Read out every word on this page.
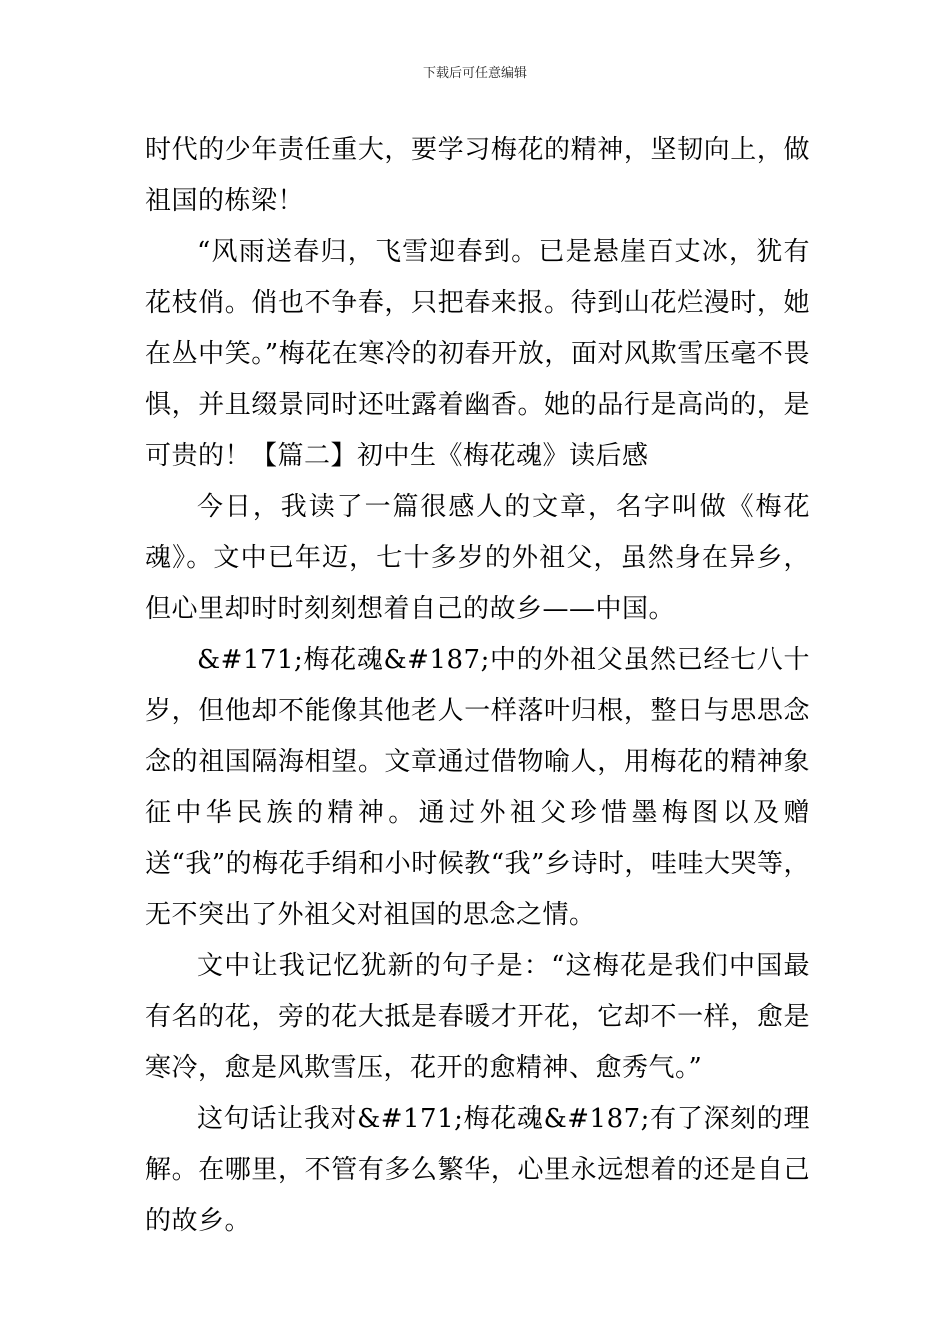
下载后可任意编辑

时代的少年责任重大，要学习梅花的精神，坚韧向上，做祖国的栋梁！

“风雨送春归，飞雪迎春到。已是悬崖百丈冰，犹有花枝俏。俏也不争春，只把春来报。待到山花烂漫时，她在丛中笑。”梅花在寒冷的初春开放，面对风欺雪压毫不畏惧，并且缀景同时还吐露着幽香。她的品行是高尚的，是可贵的！【篇二】初中生《梅花魂》读后感

今日，我读了一篇很感人的文章，名字叫做《梅花魂》。文中已年迈，七十多岁的外祖父，虽然身在异乡，但心里却时时刻刻想着自己的故乡——中国。

&#171;梅花魂&#187;中的外祖父虽然已经七八十岁，但他却不能像其他老人一样落叶归根，整日与思思念念的祖国隔海相望。文章通过借物喻人，用梅花的精神象征中华民族的精神。通过外祖父珍惜墨梅图以及赠送“我”的梅花手绢和小时候教“我”乡诗时，哇哇大哭等，无不突出了外祖父对祖国的思念之情。

文中让我记忆犹新的句子是：“这梅花是我们中国最有名的花，旁的花大抵是春暖才开花，它却不一样，愈是寒冷，愈是风欺雪压，花开的愈精神、愈秀气。”

这句话让我对&#171;梅花魂&#187;有了深刻的理解。在哪里，不管有多么繁华，心里永远想着的还是自己的故乡。
